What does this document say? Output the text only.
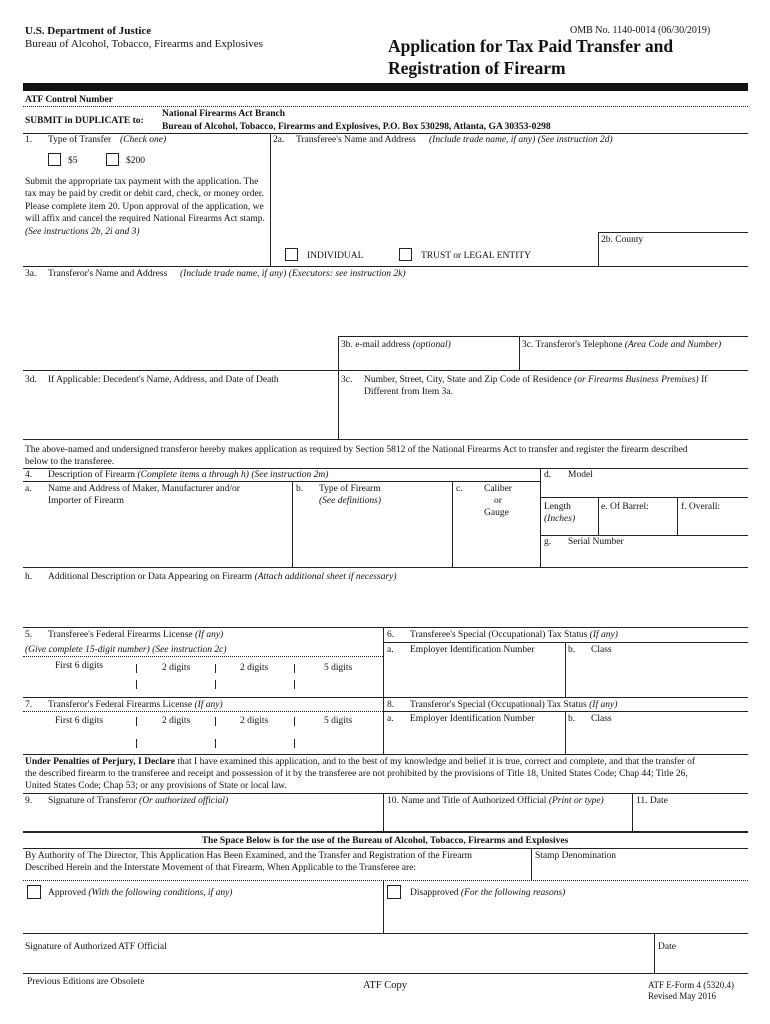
U.S. Department of Justice
Bureau of Alcohol, Tobacco, Firearms and Explosives
OMB No. 1140-0014 (06/30/2019)
Application for Tax Paid Transfer and
Registration of Firearm
ATF Control Number
National Firearms Act Branch
SUBMIT in DUPLICATE to:
Bureau of Alcohol, Tobacco, Firearms and Explosives, P.O. Box 530298, Atlanta, GA 30353-0298
1. Type of Transfer (Check one)
$5	$200
Submit the appropriate tax payment with the application. The tax may be paid by credit or debit card, check, or money order. Please complete item 20. Upon approval of the application, we will affix and cancel the required National Firearms Act stamp. (See instructions 2b, 2i and 3)
2a. Transferee's Name and Address (Include trade name, if any) (See instruction 2d)
INDIVIDUAL	TRUST or LEGAL ENTITY
2b. County
3a. Transferor's Name and Address (Include trade name, if any) (Executors: see instruction 2k)
3b. e-mail address (optional)	3c. Transferor's Telephone (Area Code and Number)
3d. If Applicable: Decedent's Name, Address, and Date of Death	3c. Number, Street, City, State and Zip Code of Residence (or Firearms Business Premises) If
Different from Item 3a.
The above-named and undersigned transferor hereby makes application as required by Section 5812 of the National Firearms Act to transfer and register the firearm described
below to the transferee.
4. Description of Firearm (Complete items a through h) (See instruction 2m)	d. Model
a. Name and Address of Maker, Manufacturer and/or
Importer of Firearm
b. Type of Firearm
(See definitions)
c. Caliber
or
Gauge
Length
(Inches)
e. Of Barrel:	f. Overall:
g. Serial Number
h. Additional Description or Data Appearing on Firearm (Attach additional sheet if necessary)
5. Transferee's Federal Firearms License (If any)
(Give complete 15-digit number) (See instruction 2c)
First 6 digits	2 digits	2 digits	5 digits
6. Transferee's Special (Occupational) Tax Status (If any)
a. Employer Identification Number	b. Class
7. Transferor's Federal Firearms License (If any)
First 6 digits	2 digits	2 digits	5 digits
8. Transferor's Special (Occupational) Tax Status (If any)
a. Employer Identification Number	b. Class
Under Penalties of Perjury, I Declare that I have examined this application, and to the best of my knowledge and belief it is true, correct and complete, and that the transfer of
the described firearm to the transferee and receipt and possession of it by the transferee are not prohibited by the provisions of Title 18, United States Code; Chap 44; Title 26,
United States Code; Chap 53; or any provisions of State or local law.
9. Signature of Transferor (Or authorized official)	10. Name and Title of Authorized Official (Print or type)	11. Date
The Space Below is for the use of the Bureau of Alcohol, Tobacco, Firearms and Explosives
By Authority of The Director, This Application Has Been Examined, and the Transfer and Registration of the Firearm
Described Herein and the Interstate Movement of that Firearm, When Applicable to the Transferee are:
Stamp Denomination
Approved (With the following conditions, if any)	Disapproved (For the following reasons)
Signature of Authorized ATF Official	Date
Previous Editions are Obsolete	ATF Copy	ATF E-Form 4 (5320.4)
Revised May 2016
